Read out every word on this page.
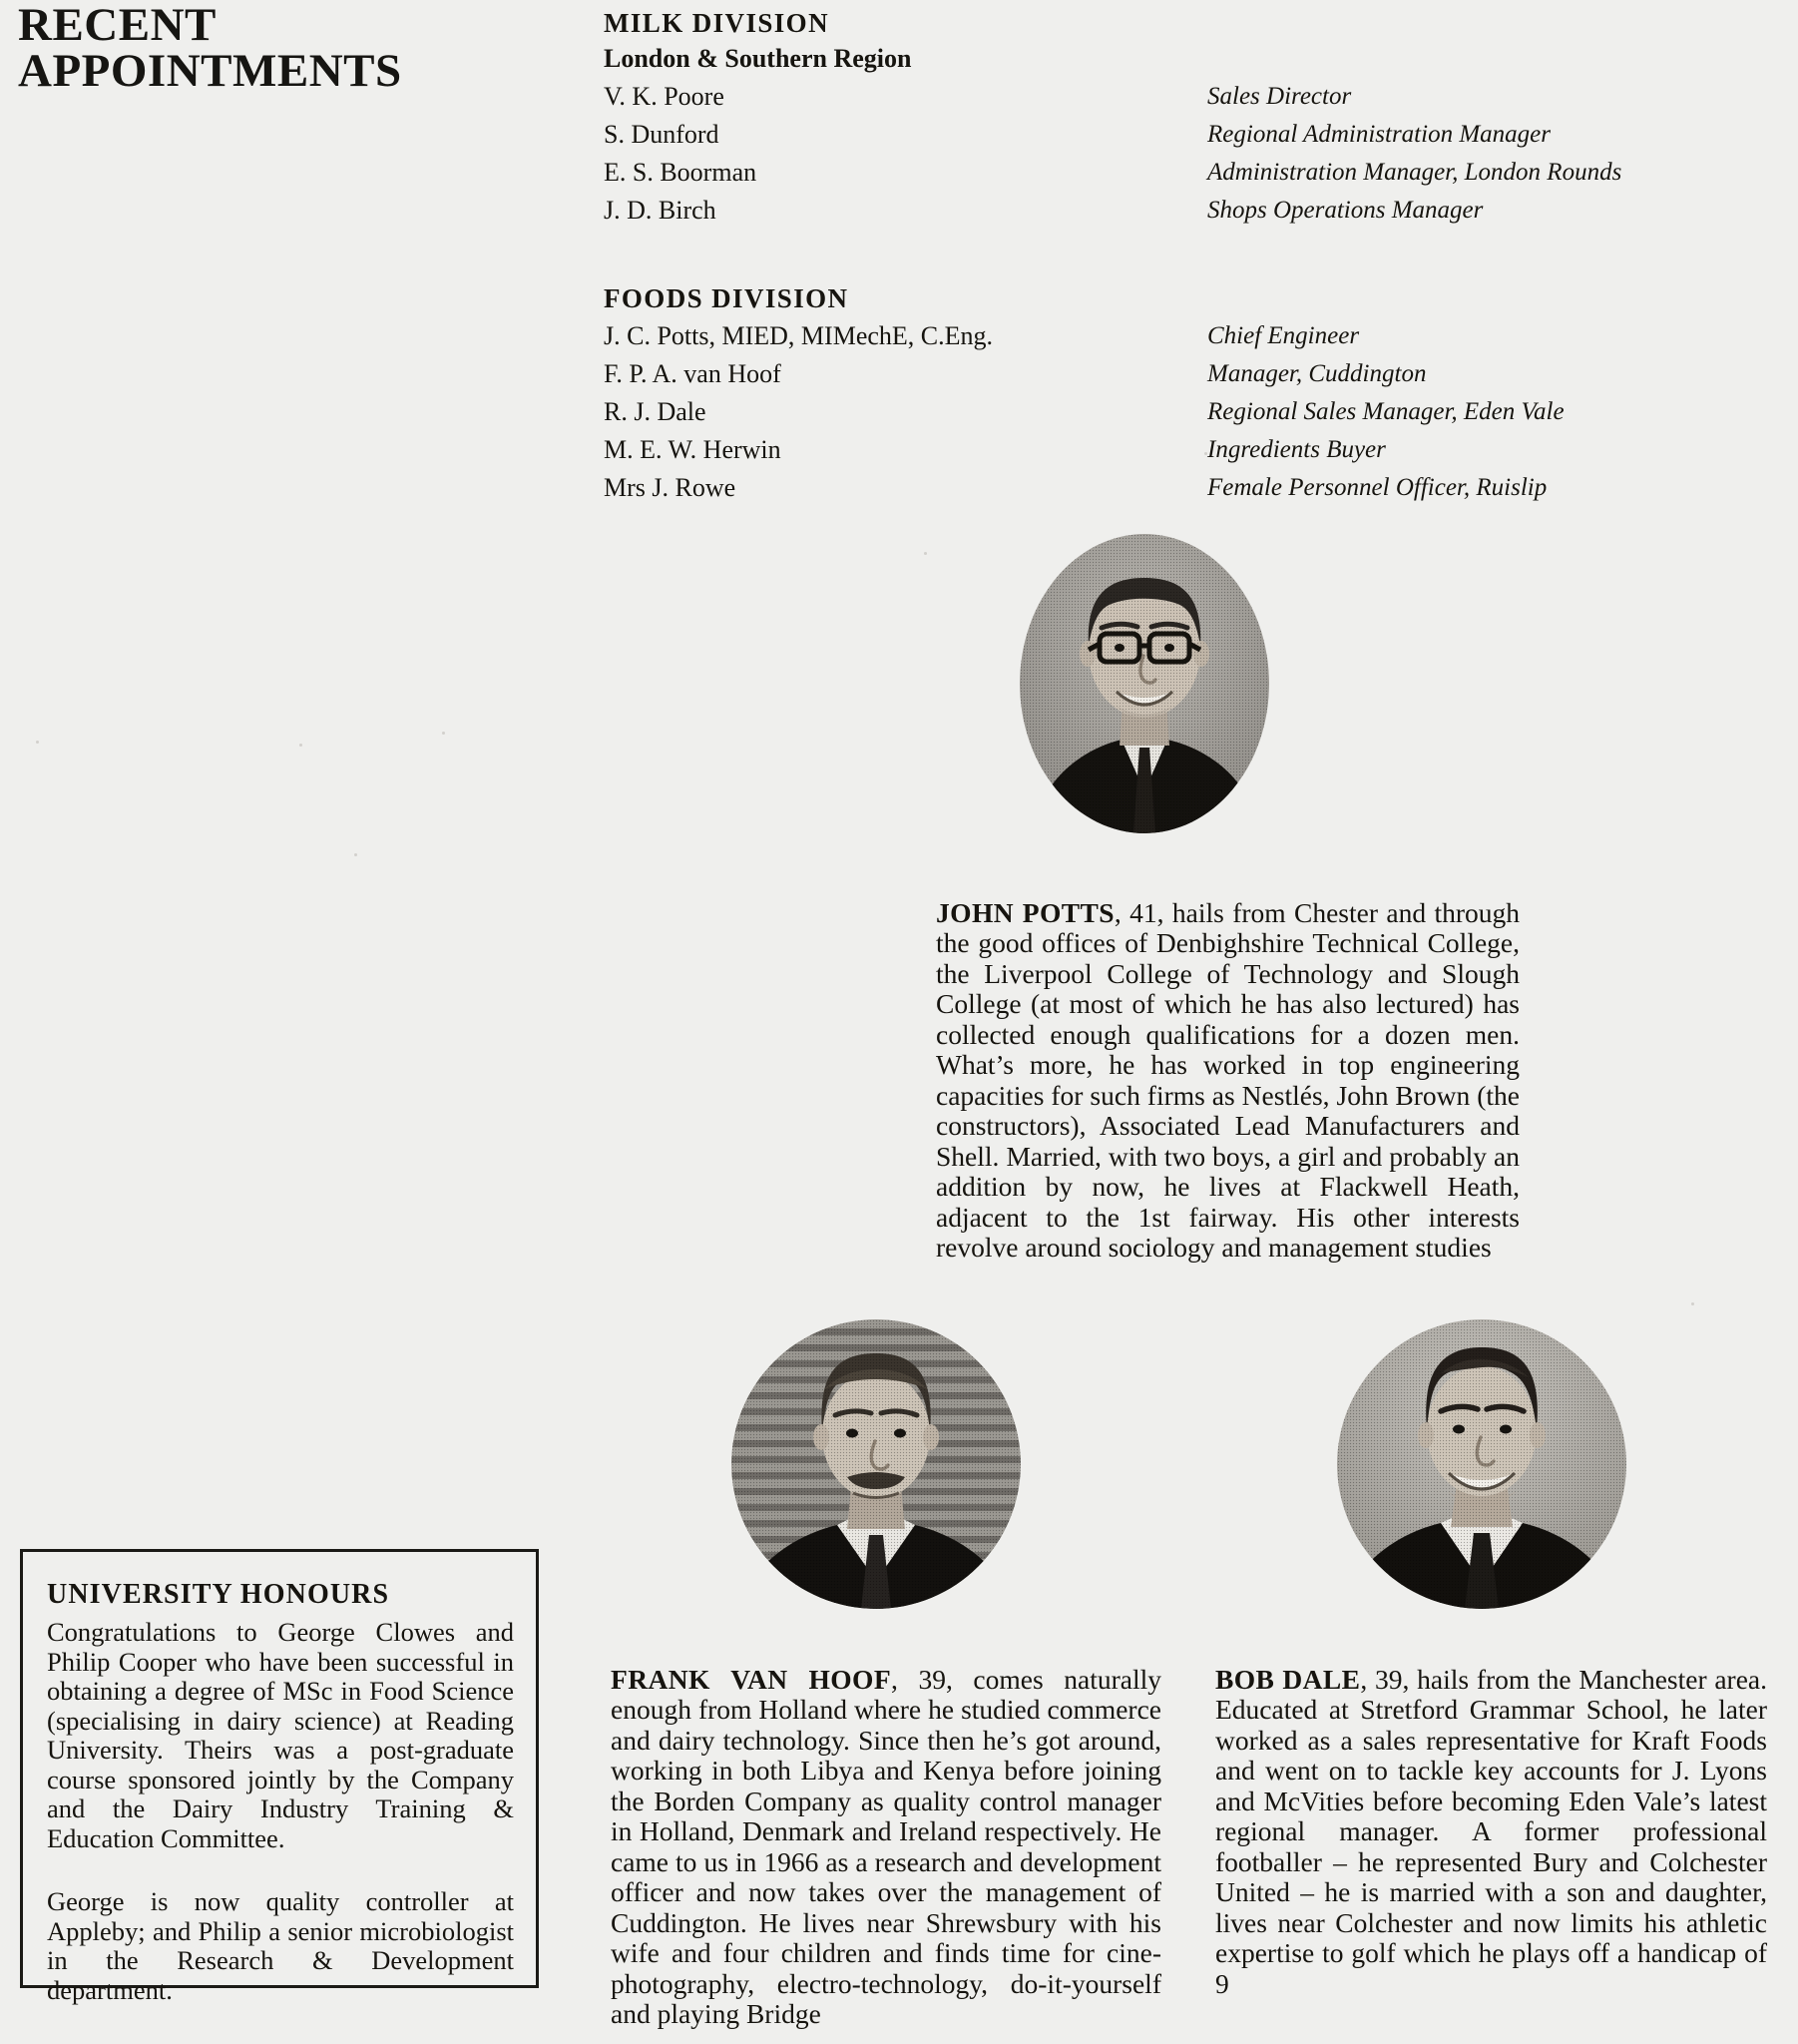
RECENT
APPOINTMENTS
MILK DIVISION
London & Southern Region
V. K. Poore	Sales Director
S. Dunford	Regional Administration Manager
E. S. Boorman	Administration Manager, London Rounds
J. D. Birch	Shops Operations Manager
FOODS DIVISION
J. C. Potts, MIED, MIMechE, C.Eng.	Chief Engineer
F. P. A. van Hoof	Manager, Cuddington
R. J. Dale	Regional Sales Manager, Eden Vale
M. E. W. Herwin	Ingredients Buyer
Mrs J. Rowe	Female Personnel Officer, Ruislip

JOHN POTTS, 41, hails from Chester and through the good offices of Denbighshire Technical College, the Liverpool College of Technology and Slough College (at most of which he has also lectured) has collected enough qualifications for a dozen men. What’s more, he has worked in top engineering capacities for such firms as Nestlés, John Brown (the constructors), Associated Lead Manufacturers and Shell. Married, with two boys, a girl and probably an addition by now, he lives at Flackwell Heath, adjacent to the 1st fairway. His other interests revolve around sociology and management studies

FRANK VAN HOOF, 39, comes naturally enough from Holland where he studied commerce and dairy technology. Since then he’s got around, working in both Libya and Kenya before joining the Borden Company as quality control manager in Holland, Denmark and Ireland respectively. He came to us in 1966 as a research and development officer and now takes over the management of Cuddington. He lives near Shrewsbury with his wife and four children and finds time for cine-photography, electro-technology, do-it-yourself and playing Bridge

BOB DALE, 39, hails from the Manchester area. Educated at Stretford Grammar School, he later worked as a sales representative for Kraft Foods and went on to tackle key accounts for J. Lyons and McVities before becoming Eden Vale’s latest regional manager. A former professional footballer – he represented Bury and Colchester United – he is married with a son and daughter, lives near Colchester and now limits his athletic expertise to golf which he plays off a handicap of 9

UNIVERSITY HONOURS

Congratulations to George Clowes and Philip Cooper who have been successful in obtaining a degree of MSc in Food Science (specialising in dairy science) at Reading University. Theirs was a post-graduate course sponsored jointly by the Company and the Dairy Industry Training & Education Committee.

George is now quality controller at Appleby; and Philip a senior microbiologist in the Research & Development department.
